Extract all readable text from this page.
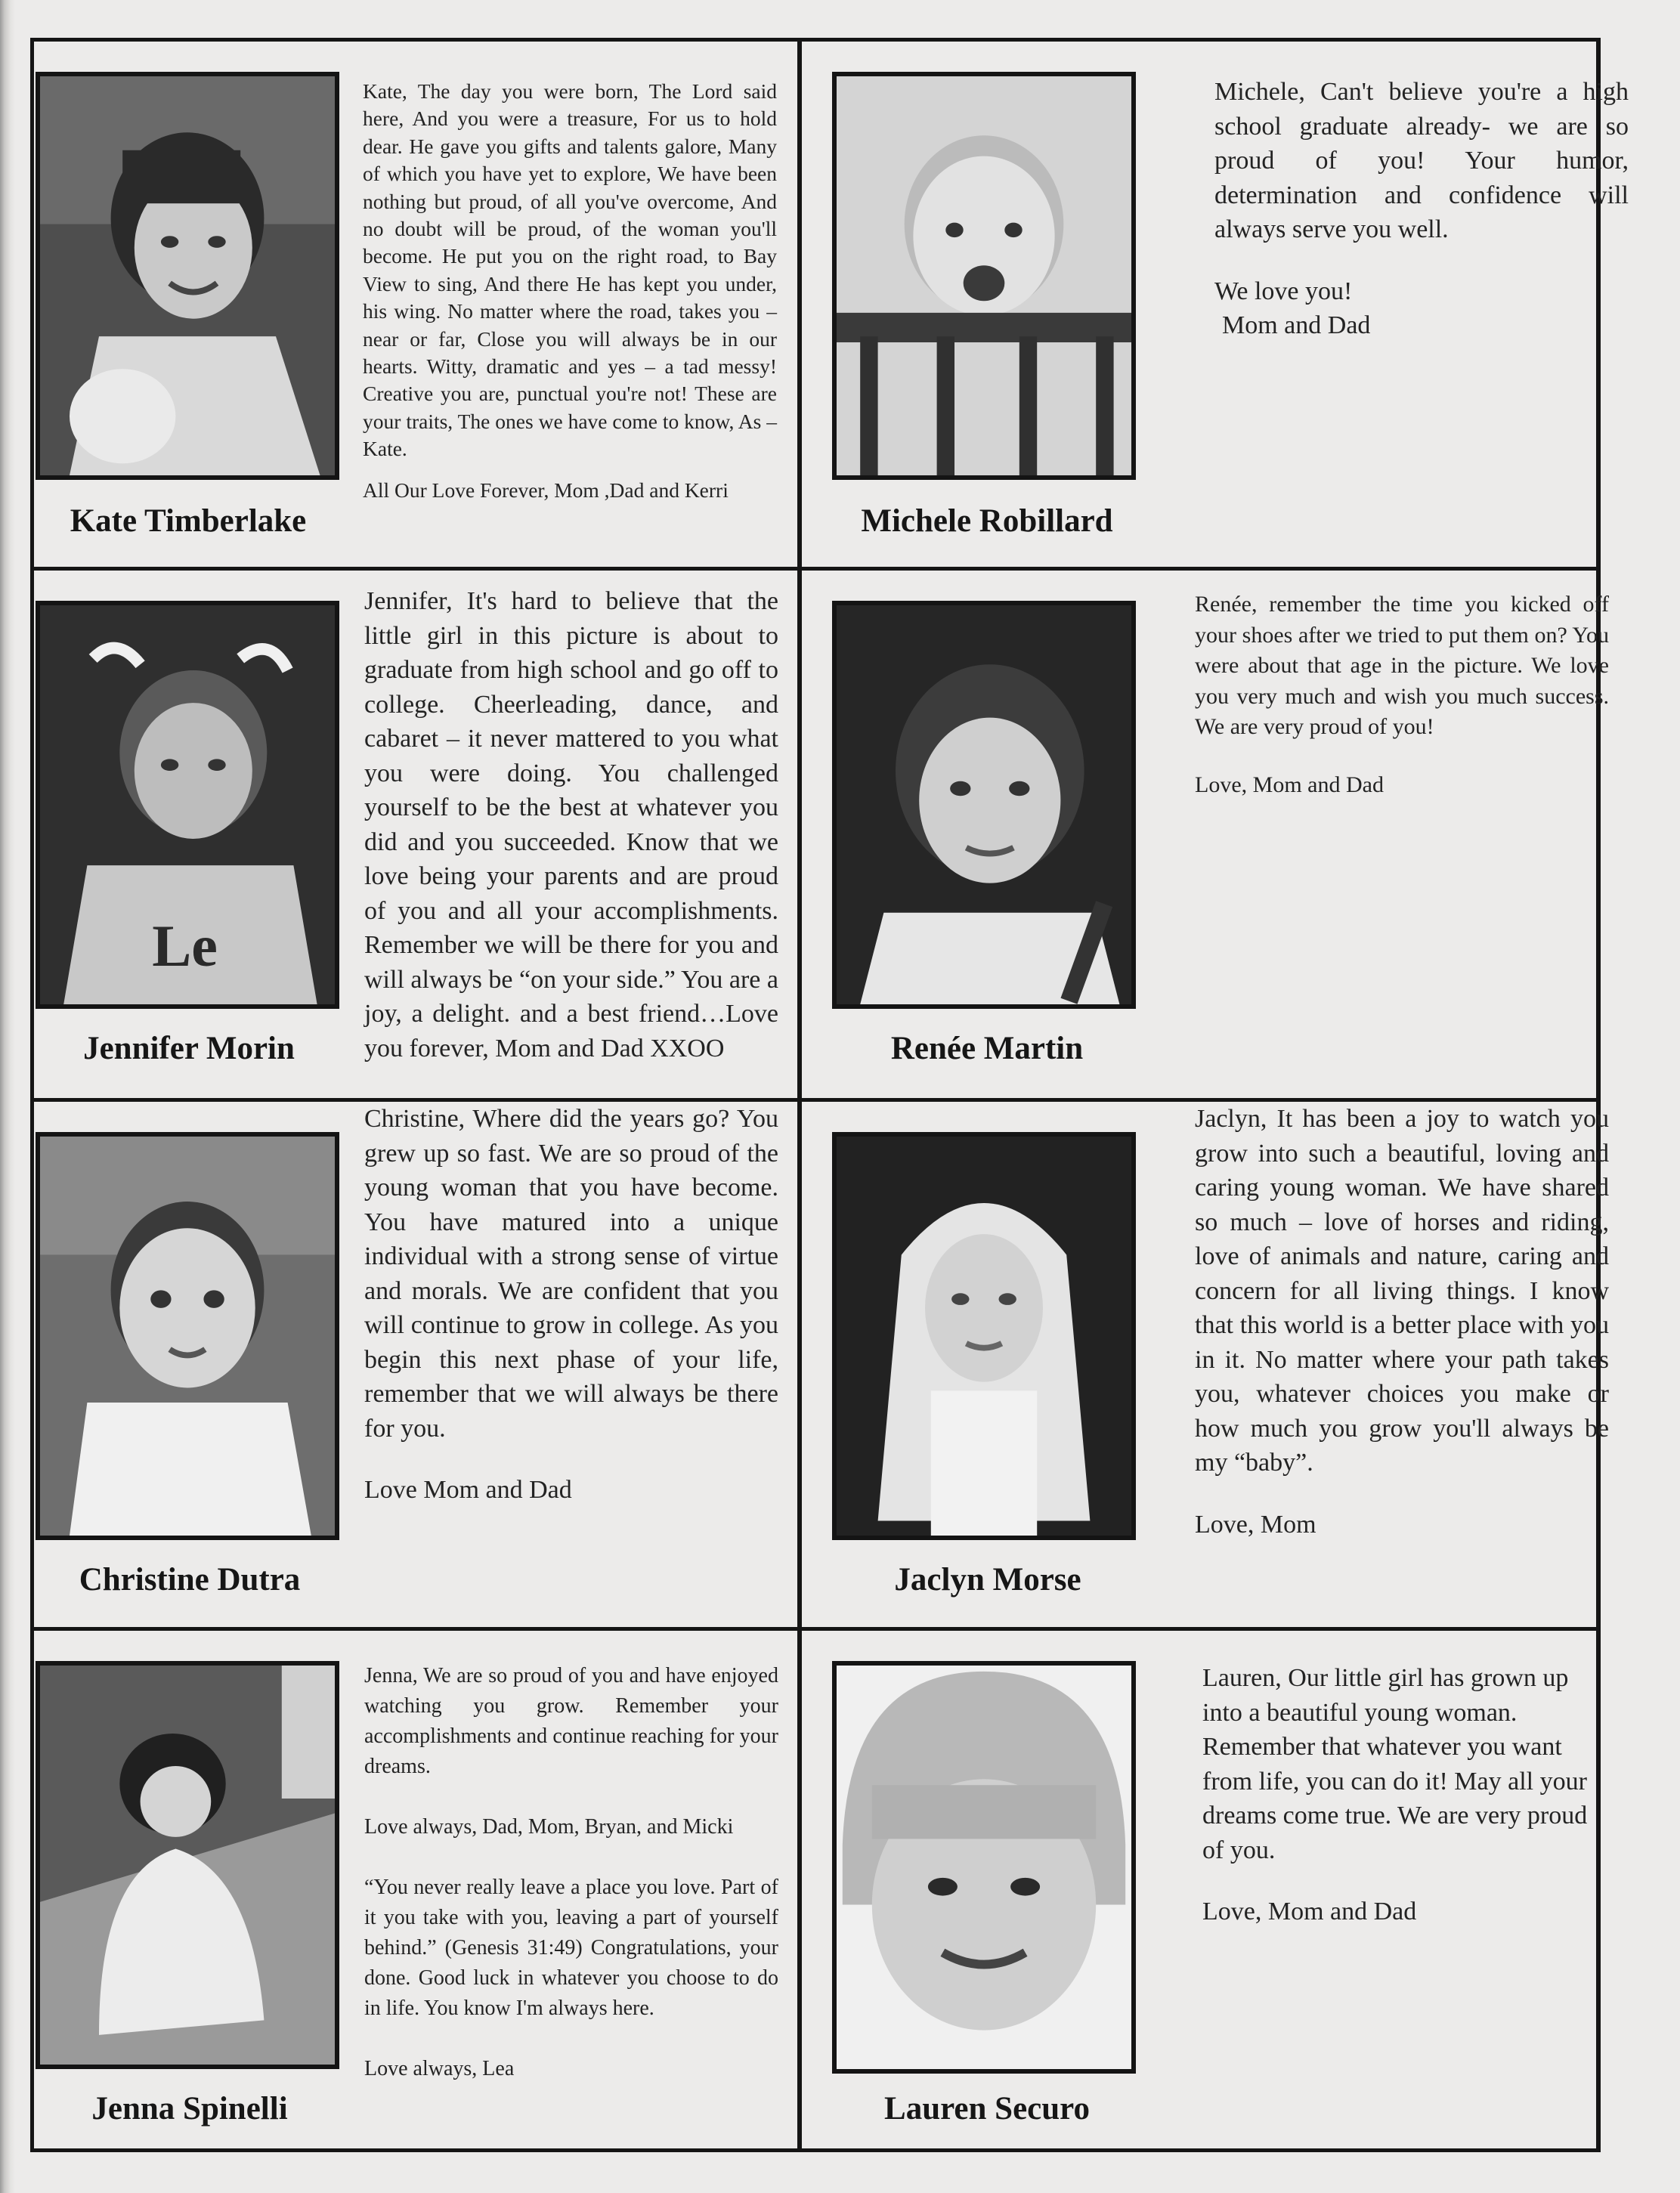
Kate Timberlake

Kate, The day you were born, The Lord said here, And you were a treasure, For us to hold dear. He gave you gifts and talents galore, Many of which you have yet to explore, We have been nothing but proud, of all you've overcome, And no doubt will be proud, of the woman you'll become. He put you on the right road, to Bay View to sing, And there He has kept you under, his wing. No matter where the road, takes you – near or far, Close you will always be in our hearts. Witty, dramatic and yes – a tad messy! Creative you are, punctual you're not! These are your traits, The ones we have come to know, As – Kate.

All Our Love Forever, Mom ,Dad and Kerri

Michele, Can't believe you're a high school graduate already- we are so proud of you! Your humor, determination and confidence will always serve you well.

We love you!

Mom and Dad

Michele Robillard
Le
Jennifer Morin

Jennifer, It's hard to believe that the little girl in this picture is about to graduate from high school and go off to college. Cheerleading, dance, and cabaret – it never mattered to you what you were doing. You challenged yourself to be the best at whatever you did and you succeeded. Know that we love being your parents and are proud of you and all your accomplishments. Remember we will be there for you and will always be “on your side.” You are a joy, a delight. and a best friend…Love you forever, Mom and Dad XXOO

Renée, remember the time you kicked off your shoes after we tried to put them on? You were about that age in the picture. We love you very much and wish you much success. We are very proud of you!

Love, Mom and Dad

Renée Martin
Christine Dutra

Christine, Where did the years go? You grew up so fast. We are so proud of the young woman that you have become. You have matured into a unique individual with a strong sense of virtue and morals. We are confident that you will continue to grow in college. As you begin this next phase of your life, remember that we will always be there for you.

Love Mom and Dad

Jaclyn, It has been a joy to watch you grow into such a beautiful, loving and caring young woman. We have shared so much – love of horses and riding, love of animals and nature, caring and concern for all living things. I know that this world is a better place with you in it. No matter where your path takes you, whatever choices you make or how much you grow you'll always be my “baby”.

Love, Mom

Jaclyn Morse
Jenna Spinelli

Jenna, We are so proud of you and have enjoyed watching you grow. Remember your accomplishments and continue reaching for your dreams.

Love always, Dad, Mom, Bryan, and Micki

“You never really leave a place you love. Part of it you take with you, leaving a part of yourself behind.” (Genesis 31:49) Congratulations, your done. Good luck in whatever you choose to do in life. You know I'm always here.

Love always, Lea

Lauren, Our little girl has grown up into a beautiful young woman. Remember that whatever you want from life, you can do it! May all your dreams come true. We are very proud of you.

Love, Mom and Dad

Lauren Securo
